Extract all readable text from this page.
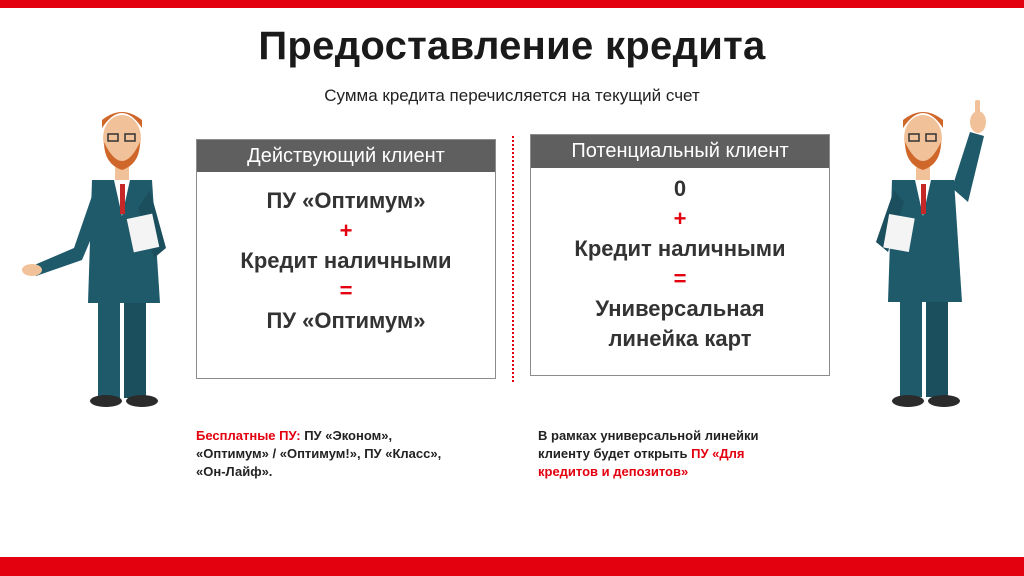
Предоставление кредита
Сумма кредита перечисляется на текущий счет
Действующий клиент
ПУ «Оптимум»
+
Кредит наличными
=
ПУ «Оптимум»
Потенциальный клиент
0
+
Кредит наличными
=
Универсальная
линейка карт
Бесплатные ПУ: ПУ «Эконом»,
«Оптимум» / «Оптимум!», ПУ «Класс»,
«Он-Лайф».
В рамках универсальной линейки
клиенту будет открыть ПУ «Для
кредитов и депозитов»
